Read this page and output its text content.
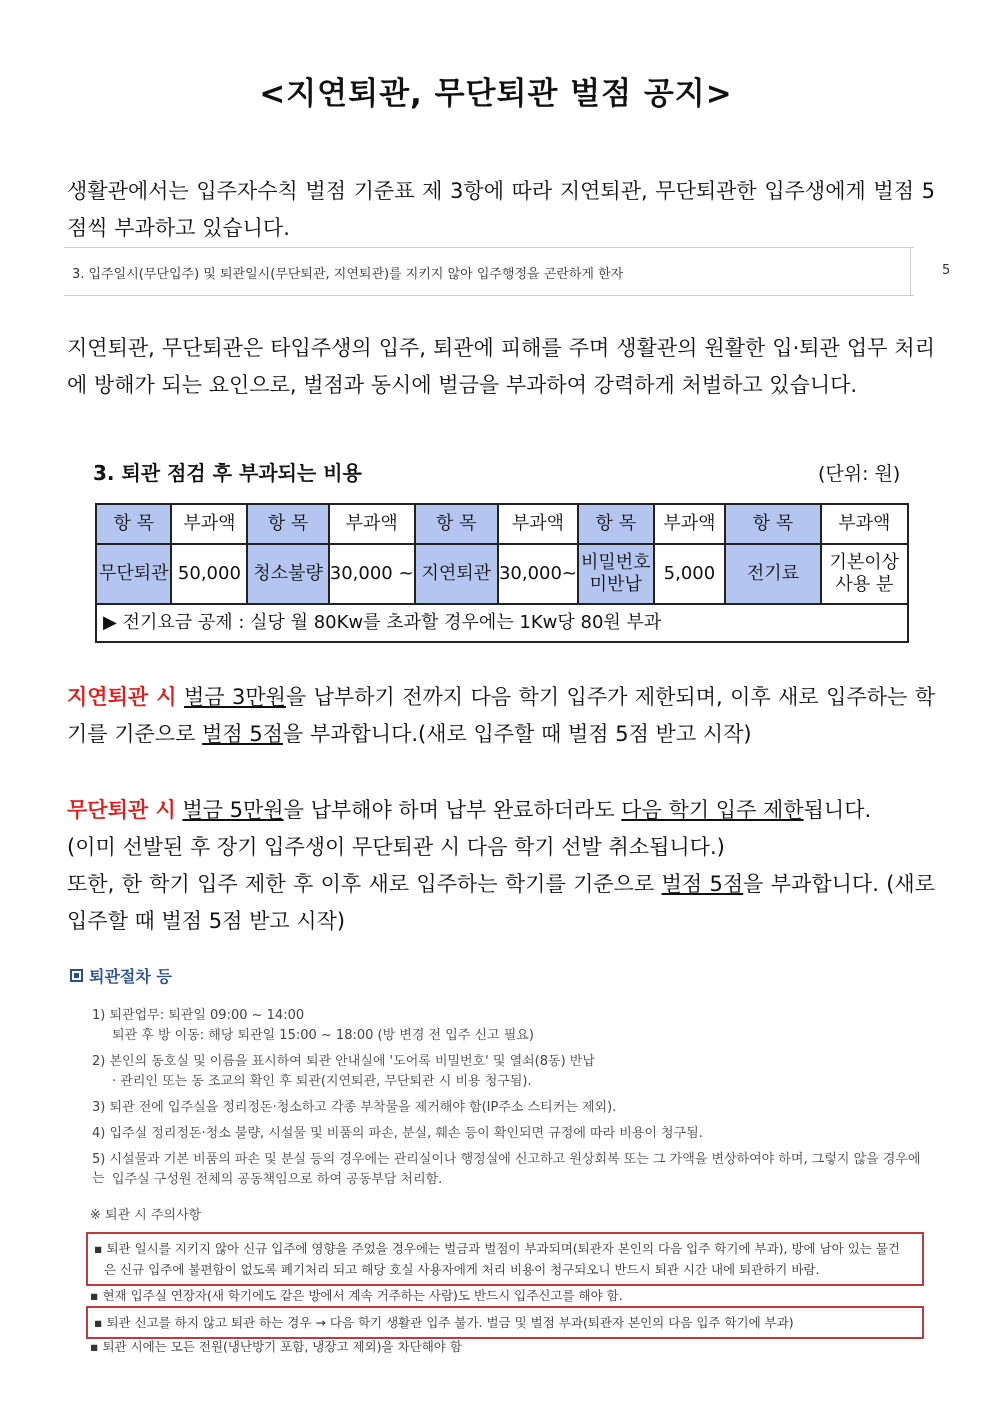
<지연퇴관, 무단퇴관 벌점 공지>
생활관에서는 입주자수칙 벌점 기준표 제 3항에 따라 지연퇴관, 무단퇴관한 입주생에게 벌점 5점씩 부과하고 있습니다.
3. 입주일시(무단입주) 및 퇴관일시(무단퇴관, 지연퇴관)를 지키지 않아 입주행정을 곤란하게 한자	5
지연퇴관, 무단퇴관은 타입주생의 입주, 퇴관에 피해를 주며 생활관의 원활한 입·퇴관 업무 처리에 방해가 되는 요인으로, 벌점과 동시에 벌금을 부과하여 강력하게 처벌하고 있습니다.
3. 퇴관 점검 후 부과되는 비용	(단위: 원)
항 목	부과액	항 목	부과액	항 목	부과액	항 목	부과액	항 목	부과액
무단퇴관	50,000	청소불량	30,000 ~	지연퇴관	30,000~	비밀번호 미반납	5,000	전기료	기본이상 사용 분
▶ 전기요금 공제 : 실당 월 80Kw를 초과할 경우에는 1Kw당 80원 부과									
지연퇴관 시 벌금 3만원을 납부하기 전까지 다음 학기 입주가 제한되며, 이후 새로 입주하는 학기를 기준으로 벌점 5점을 부과합니다.(새로 입주할 때 벌점 5점 받고 시작)
무단퇴관 시 벌금 5만원을 납부해야 하며 납부 완료하더라도 다음 학기 입주 제한됩니다.
(이미 선발된 후 장기 입주생이 무단퇴관 시 다음 학기 선발 취소됩니다.)
또한, 한 학기 입주 제한 후 이후 새로 입주하는 학기를 기준으로 벌점 5점을 부과합니다. (새로 입주할 때 벌점 5점 받고 시작)
퇴관절차 등
1) 퇴관업무: 퇴관일 09:00 ~ 14:00
퇴관 후 방 이동: 해당 퇴관일 15:00 ~ 18:00 (방 변경 전 입주 신고 필요)
2) 본인의 동호실 및 이름을 표시하여 퇴관 안내실에 '도어록 비밀번호' 및 열쇠(8동) 반납
· 관리인 또는 동 조교의 확인 후 퇴관(지연퇴관, 무단퇴관 시 비용 청구됨).
3) 퇴관 전에 입주실을 정리정돈·청소하고 각종 부착물을 제거해야 함(IP주소 스티커는 제외).
4) 입주실 정리정돈·청소 불량, 시설물 및 비품의 파손, 분실, 훼손 등이 확인되면 규정에 따라 비용이 청구됨.
5) 시설물과 기본 비품의 파손 및 분실 등의 경우에는 관리실이나 행정실에 신고하고 원상회복 또는 그 가액을 변상하여야 하며, 그렇지 않을 경우에는 입주실 구성원 전체의 공동책임으로 하여 공동부담 처리함.
※ 퇴관 시 주의사항
▪ 퇴관 일시를 지키지 않아 신규 입주에 영향을 주었을 경우에는 벌금과 벌점이 부과되며(퇴관자 본인의 다음 입주 학기에 부과), 방에 남아 있는 물건
은 신규 입주에 불편함이 없도록 폐기처리 되고 해당 호실 사용자에게 처리 비용이 청구되오니 반드시 퇴관 시간 내에 퇴관하기 바람.
▪ 현재 입주실 연장자(새 학기에도 같은 방에서 계속 거주하는 사람)도 반드시 입주신고를 해야 함.
▪ 퇴관 신고를 하지 않고 퇴관 하는 경우 → 다음 학기 생활관 입주 불가. 벌금 및 벌점 부과(퇴관자 본인의 다음 입주 학기에 부과)
▪ 퇴관 시에는 모든 전원(냉난방기 포함, 냉장고 제외)을 차단해야 함
